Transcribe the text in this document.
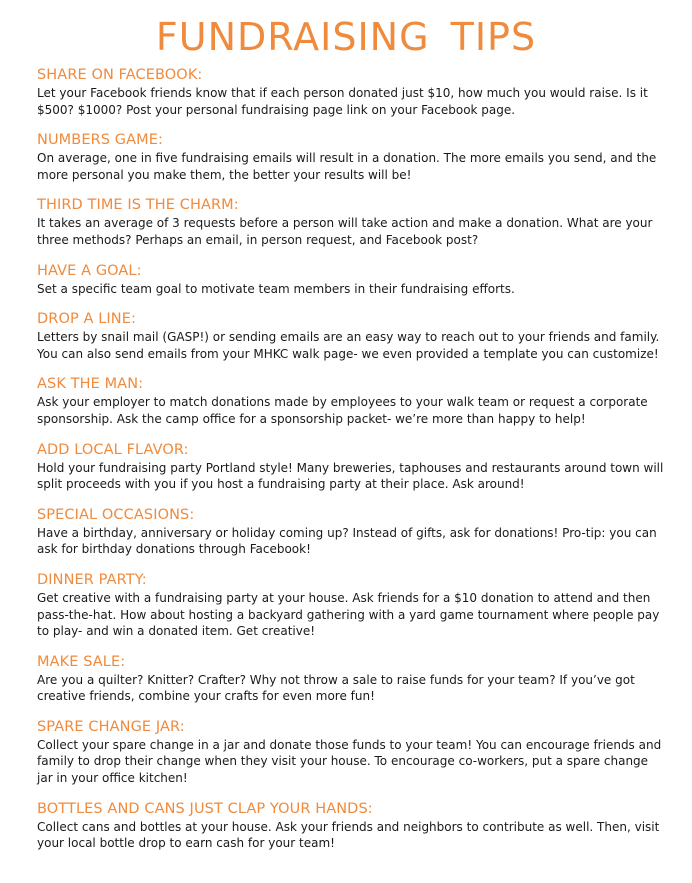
FUNDRAISING TIPS
SHARE ON FACEBOOK:

Let your Facebook friends know that if each person donated just $10, how much you would raise. Is it $500? $1000? Post your personal fundraising page link on your Facebook page.

NUMBERS GAME:

On average, one in five fundraising emails will result in a donation. The more emails you send, and the more personal you make them, the better your results will be!

THIRD TIME IS THE CHARM:

It takes an average of 3 requests before a person will take action and make a donation. What are your three methods? Perhaps an email, in person request, and Facebook post?

HAVE A GOAL:

Set a specific team goal to motivate team members in their fundraising efforts.

DROP A LINE:

Letters by snail mail (GASP!) or sending emails are an easy way to reach out to your friends and family. You can also send emails from your MHKC walk page- we even provided a template you can customize!

ASK THE MAN:

Ask your employer to match donations made by employees to your walk team or request a corporate sponsorship. Ask the camp office for a sponsorship packet- we’re more than happy to help!

ADD LOCAL FLAVOR:

Hold your fundraising party Portland style! Many breweries, taphouses and restaurants around town will split proceeds with you if you host a fundraising party at their place. Ask around!

SPECIAL OCCASIONS:

Have a birthday, anniversary or holiday coming up? Instead of gifts, ask for donations! Pro-tip: you can ask for birthday donations through Facebook!

DINNER PARTY:

Get creative with a fundraising party at your house. Ask friends for a $10 donation to attend and then pass-the-hat. How about hosting a backyard gathering with a yard game tournament where people pay to play- and win a donated item. Get creative!

MAKE SALE:

Are you a quilter? Knitter? Crafter? Why not throw a sale to raise funds for your team? If you’ve got creative friends, combine your crafts for even more fun!

SPARE CHANGE JAR:

Collect your spare change in a jar and donate those funds to your team! You can encourage friends and family to drop their change when they visit your house. To encourage co-workers, put a spare change jar in your office kitchen!

BOTTLES AND CANS JUST CLAP YOUR HANDS:

Collect cans and bottles at your house. Ask your friends and neighbors to contribute as well. Then, visit your local bottle drop to earn cash for your team!
